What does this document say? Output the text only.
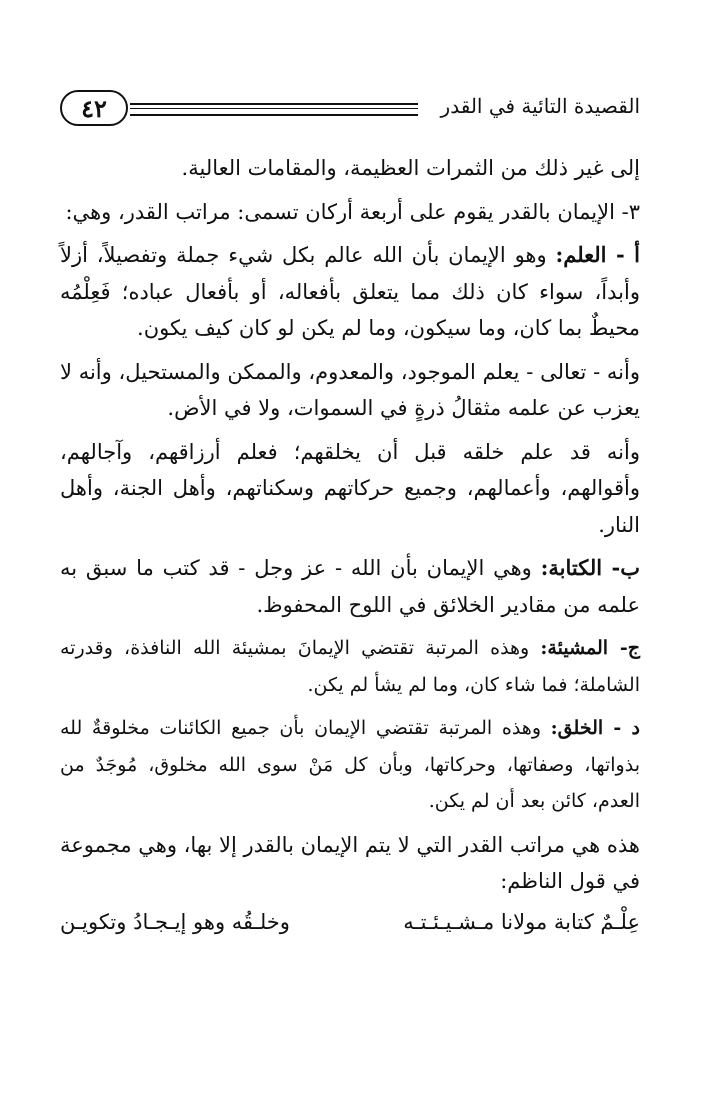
٤٢	القصيدة التائية في القدر

إلى غير ذلك من الثمرات العظيمة، والمقامات العالية.

٣- الإيمان بالقدر يقوم على أربعة أركان تسمى: مراتب القدر، وهي:

أ - العلم: وهو الإيمان بأن الله عالم بكل شيء جملة وتفصيلاً، أزلاً وأبداً، سواء كان ذلك مما يتعلق بأفعاله، أو بأفعال عباده؛ فَعِلْمُه محيطٌ بما كان، وما سيكون، وما لم يكن لو كان كيف يكون.

وأنه - تعالى - يعلم الموجود، والمعدوم، والممكن والمستحيل، وأنه لا يعزب عن علمه مثقالُ ذرةٍ في السموات، ولا في الأض.

وأنه قد علم خلقه قبل أن يخلقهم؛ فعلم أرزاقهم، وآجالهم، وأقوالهم، وأعمالهم، وجميع حركاتهم وسكناتهم، وأهل الجنة، وأهل النار.

ب- الكتابة: وهي الإيمان بأن الله - عز وجل - قد كتب ما سبق به علمه من مقادير الخلائق في اللوح المحفوظ.

ج- المشيئة: وهذه المرتبة تقتضي الإيمانَ بمشيئة الله النافذة، وقدرته الشاملة؛ فما شاء كان، وما لم يشأ لم يكن.

د - الخلق: وهذه المرتبة تقتضي الإيمان بأن جميع الكائنات مخلوقةٌ لله بذواتها، وصفاتها، وحركاتها، وبأن كل مَنْ سوى الله مخلوق، مُوجَدٌ من العدم، كائن بعد أن لم يكن.

هذه هي مراتب القدر التي لا يتم الإيمان بالقدر إلا بها، وهي مجموعة في قول الناظم:

عِلْـمٌ كتابة مولانا مـشـيـئـتـه
وخلـقُه وهو إيـجـادُ وتكويـن
